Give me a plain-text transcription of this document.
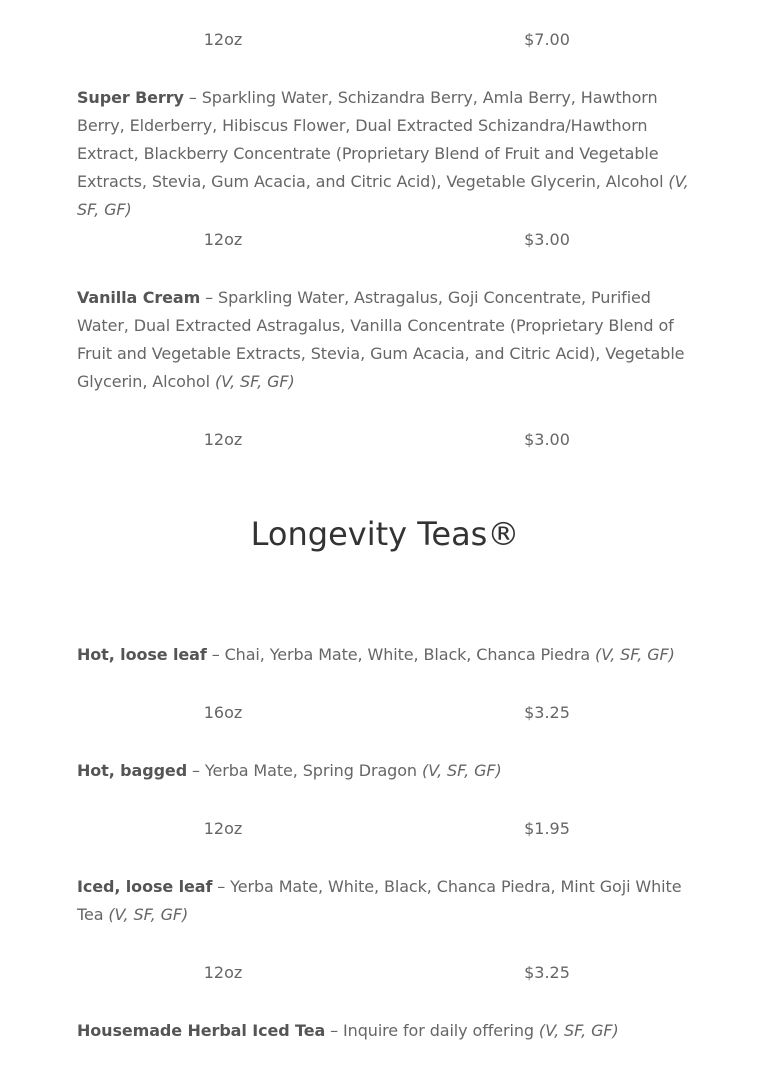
12oz	$7.00

Super Berry – Sparkling Water, Schizandra Berry, Amla Berry, Hawthorn Berry, Elderberry, Hibiscus Flower, Dual Extracted Schizandra/Hawthorn Extract, Blackberry Concentrate (Proprietary Blend of Fruit and Vegetable Extracts, Stevia, Gum Acacia, and Citric Acid), Vegetable Glycerin, Alcohol (V, SF, GF)

12oz	$3.00

Vanilla Cream – Sparkling Water, Astragalus, Goji Concentrate, Purified Water, Dual Extracted Astragalus, Vanilla Concentrate (Proprietary Blend of Fruit and Vegetable Extracts, Stevia, Gum Acacia, and Citric Acid), Vegetable Glycerin, Alcohol (V, SF, GF)

12oz	$3.00
Longevity Teas®

Hot, loose leaf – Chai, Yerba Mate, White, Black, Chanca Piedra (V, SF, GF)

16oz	$3.25

Hot, bagged – Yerba Mate, Spring Dragon (V, SF, GF)

12oz	$1.95

Iced, loose leaf – Yerba Mate, White, Black, Chanca Piedra, Mint Goji White Tea (V, SF, GF)

12oz	$3.25

Housemade Herbal Iced Tea – Inquire for daily offering (V, SF, GF)
